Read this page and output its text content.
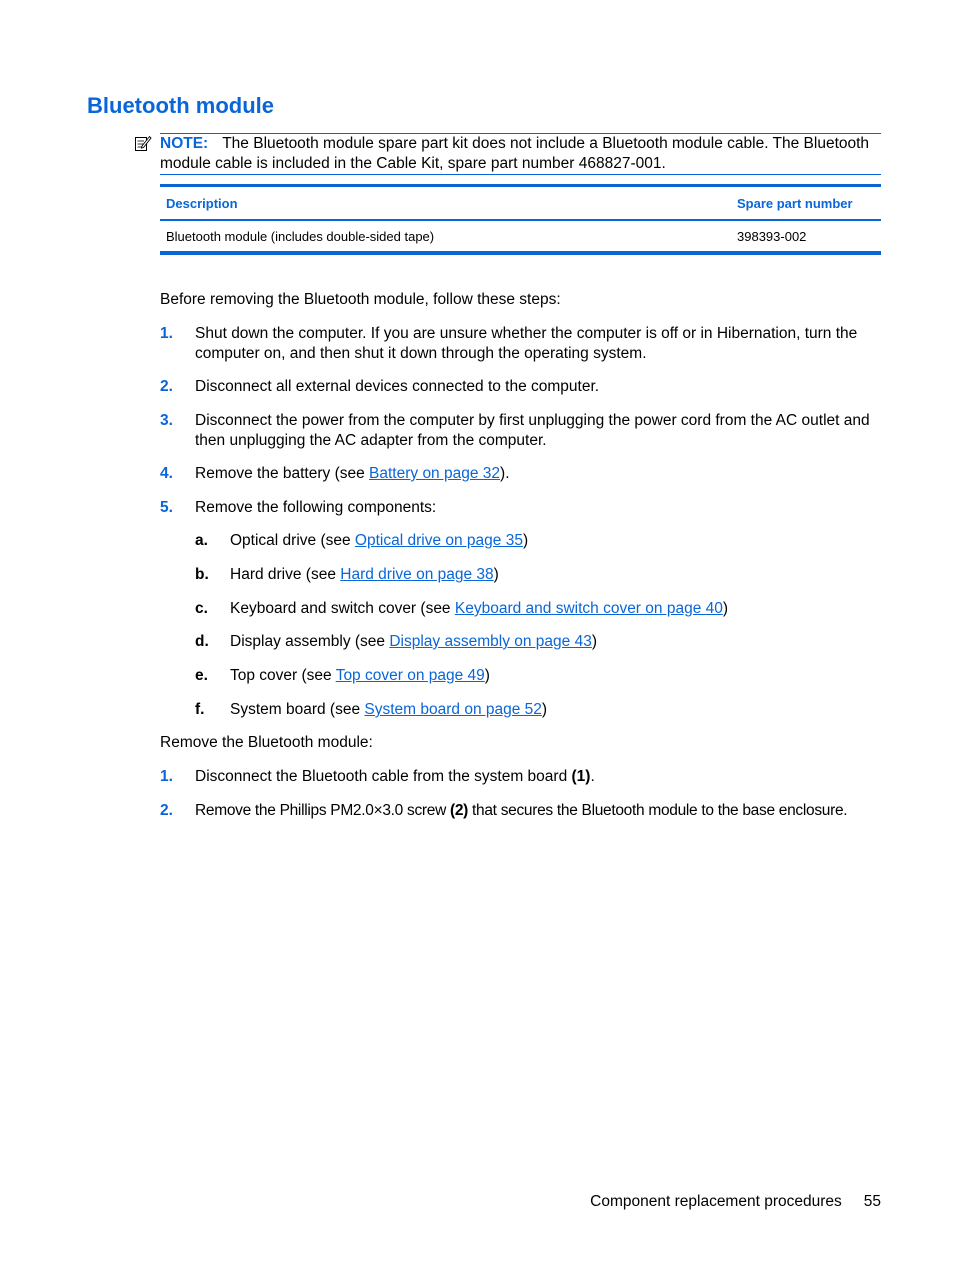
Bluetooth module
NOTE: The Bluetooth module spare part kit does not include a Bluetooth module cable. The Bluetooth module cable is included in the Cable Kit, spare part number 468827-001.
Description	Spare part number
Bluetooth module (includes double-sided tape)	398393-002
Before removing the Bluetooth module, follow these steps:
1. Shut down the computer. If you are unsure whether the computer is off or in Hibernation, turn the computer on, and then shut it down through the operating system.
2. Disconnect all external devices connected to the computer.
3. Disconnect the power from the computer by first unplugging the power cord from the AC outlet and then unplugging the AC adapter from the computer.
4. Remove the battery (see Battery on page 32).
5. Remove the following components:
a. Optical drive (see Optical drive on page 35)
b. Hard drive (see Hard drive on page 38)
c. Keyboard and switch cover (see Keyboard and switch cover on page 40)
d. Display assembly (see Display assembly on page 43)
e. Top cover (see Top cover on page 49)
f. System board (see System board on page 52)
Remove the Bluetooth module:
1. Disconnect the Bluetooth cable from the system board (1).
2. Remove the Phillips PM2.0×3.0 screw (2) that secures the Bluetooth module to the base enclosure.
Component replacement procedures 55
